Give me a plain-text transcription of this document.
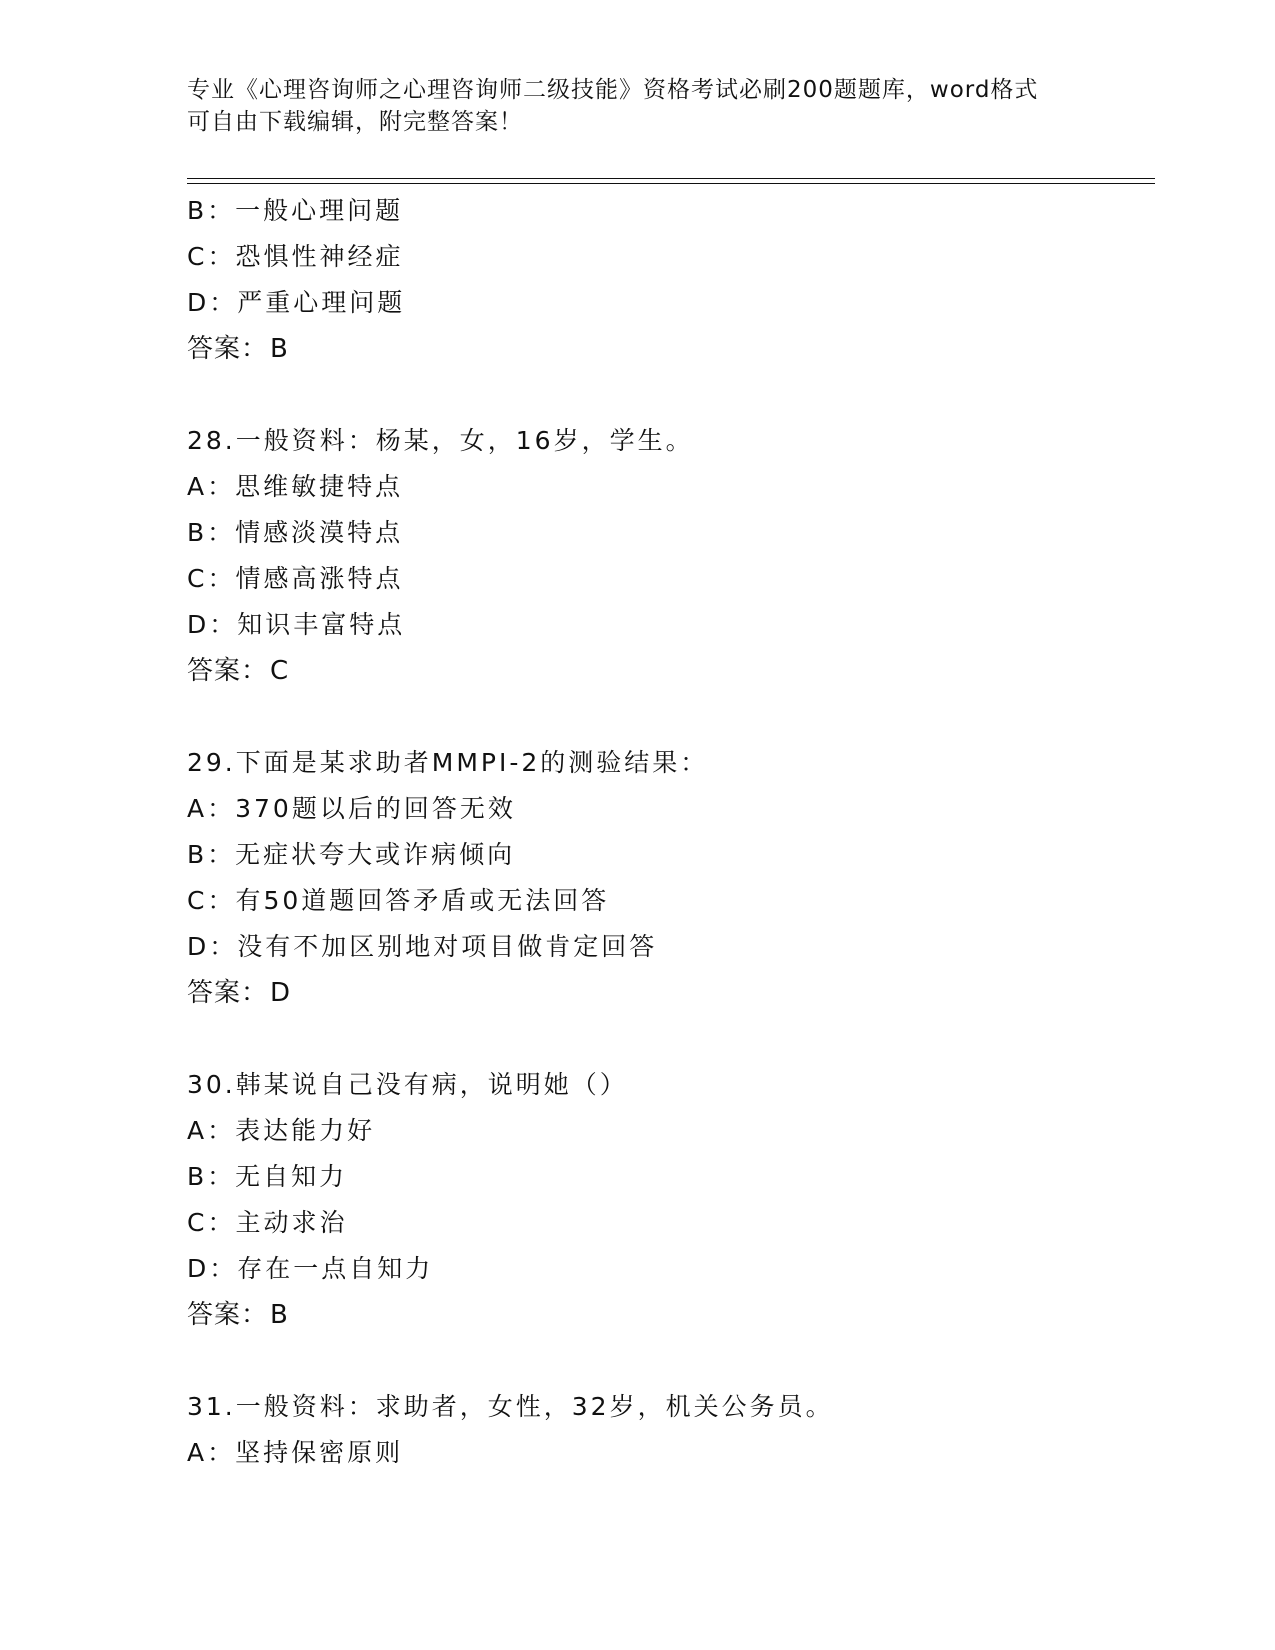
专业《心理咨询师之心理咨询师二级技能》资格考试必刷200题题库，word格式
可自由下载编辑，附完整答案！
B：一般心理问题
C：恐惧性神经症
D：严重心理问题
答案：B
28.一般资料：杨某，女，16岁，学生。
A：思维敏捷特点
B：情感淡漠特点
C：情感高涨特点
D：知识丰富特点
答案：C
29.下面是某求助者MMPI-2的测验结果：
A：370题以后的回答无效
B：无症状夸大或诈病倾向
C：有50道题回答矛盾或无法回答
D：没有不加区别地对项目做肯定回答
答案：D
30.韩某说自己没有病，说明她（）
A：表达能力好
B：无自知力
C：主动求治
D：存在一点自知力
答案：B
31.一般资料：求助者，女性，32岁，机关公务员。
A：坚持保密原则
